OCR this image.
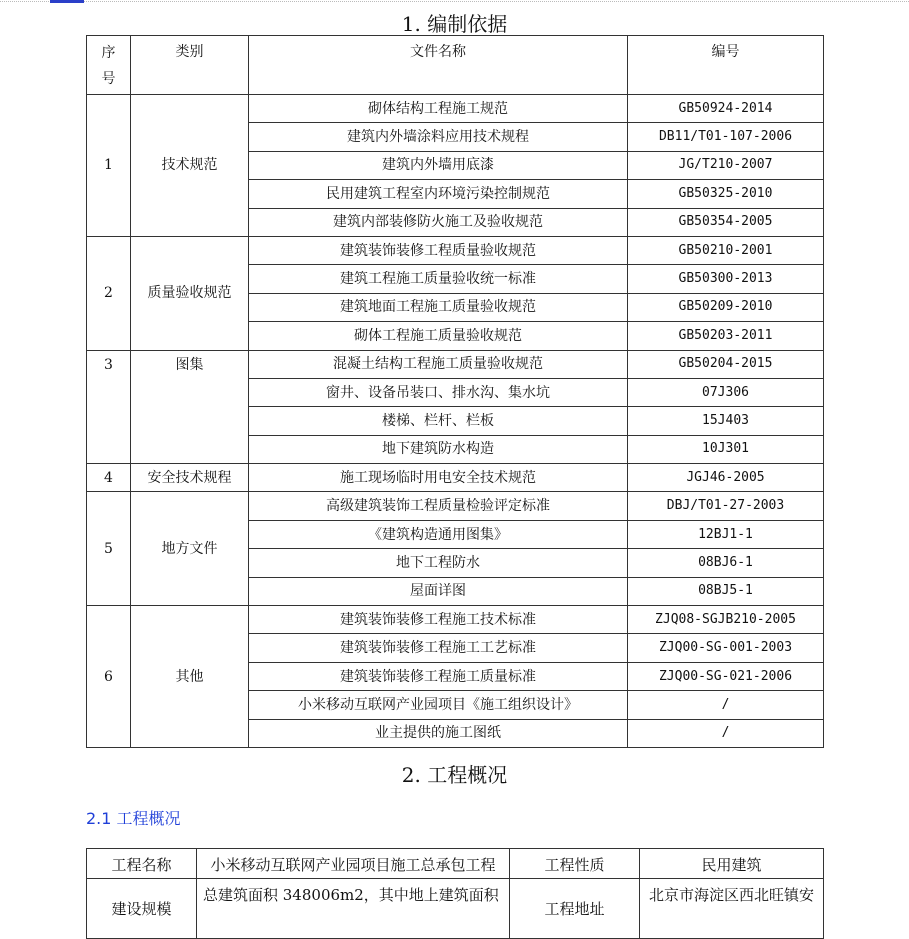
1. 编制依据
序
号	类别	文件名称	编号
1	技术规范	砌体结构工程施工规范	GB50924-2014
		建筑内外墙涂料应用技术规程	DB11/T01-107-2006
		建筑内外墙用底漆	JG/T210-2007
		民用建筑工程室内环境污染控制规范	GB50325-2010
		建筑内部装修防火施工及验收规范	GB50354-2005
2	质量验收规范	建筑装饰装修工程质量验收规范	GB50210-2001
		建筑工程施工质量验收统一标准	GB50300-2013
		建筑地面工程施工质量验收规范	GB50209-2010
		砌体工程施工质量验收规范	GB50203-2011
3	图集	混凝土结构工程施工质量验收规范	GB50204-2015
		窗井、设备吊装口、排水沟、集水坑	07J306
		楼梯、栏杆、栏板	15J403
		地下建筑防水构造	10J301
4	安全技术规程	施工现场临时用电安全技术规范	JGJ46-2005
5	地方文件	高级建筑装饰工程质量检验评定标准	DBJ/T01-27-2003
		《建筑构造通用图集》	12BJ1-1
		地下工程防水	08BJ6-1
		屋面详图	08BJ5-1
6	其他	建筑装饰装修工程施工技术标准	ZJQ08-SGJB210-2005
		建筑装饰装修工程施工工艺标准	ZJQ00-SG-001-2003
		建筑装饰装修工程施工质量标准	ZJQ00-SG-021-2006
		小米移动互联网产业园项目《施工组织设计》	/
		业主提供的施工图纸	/
2. 工程概况
2.1 工程概况
工程名称	小米移动互联网产业园项目施工总承包工程	工程性质	民用建筑
建设规模	总建筑面积 348006m2，其中地上建筑面积	工程地址	北京市海淀区西北旺镇安
